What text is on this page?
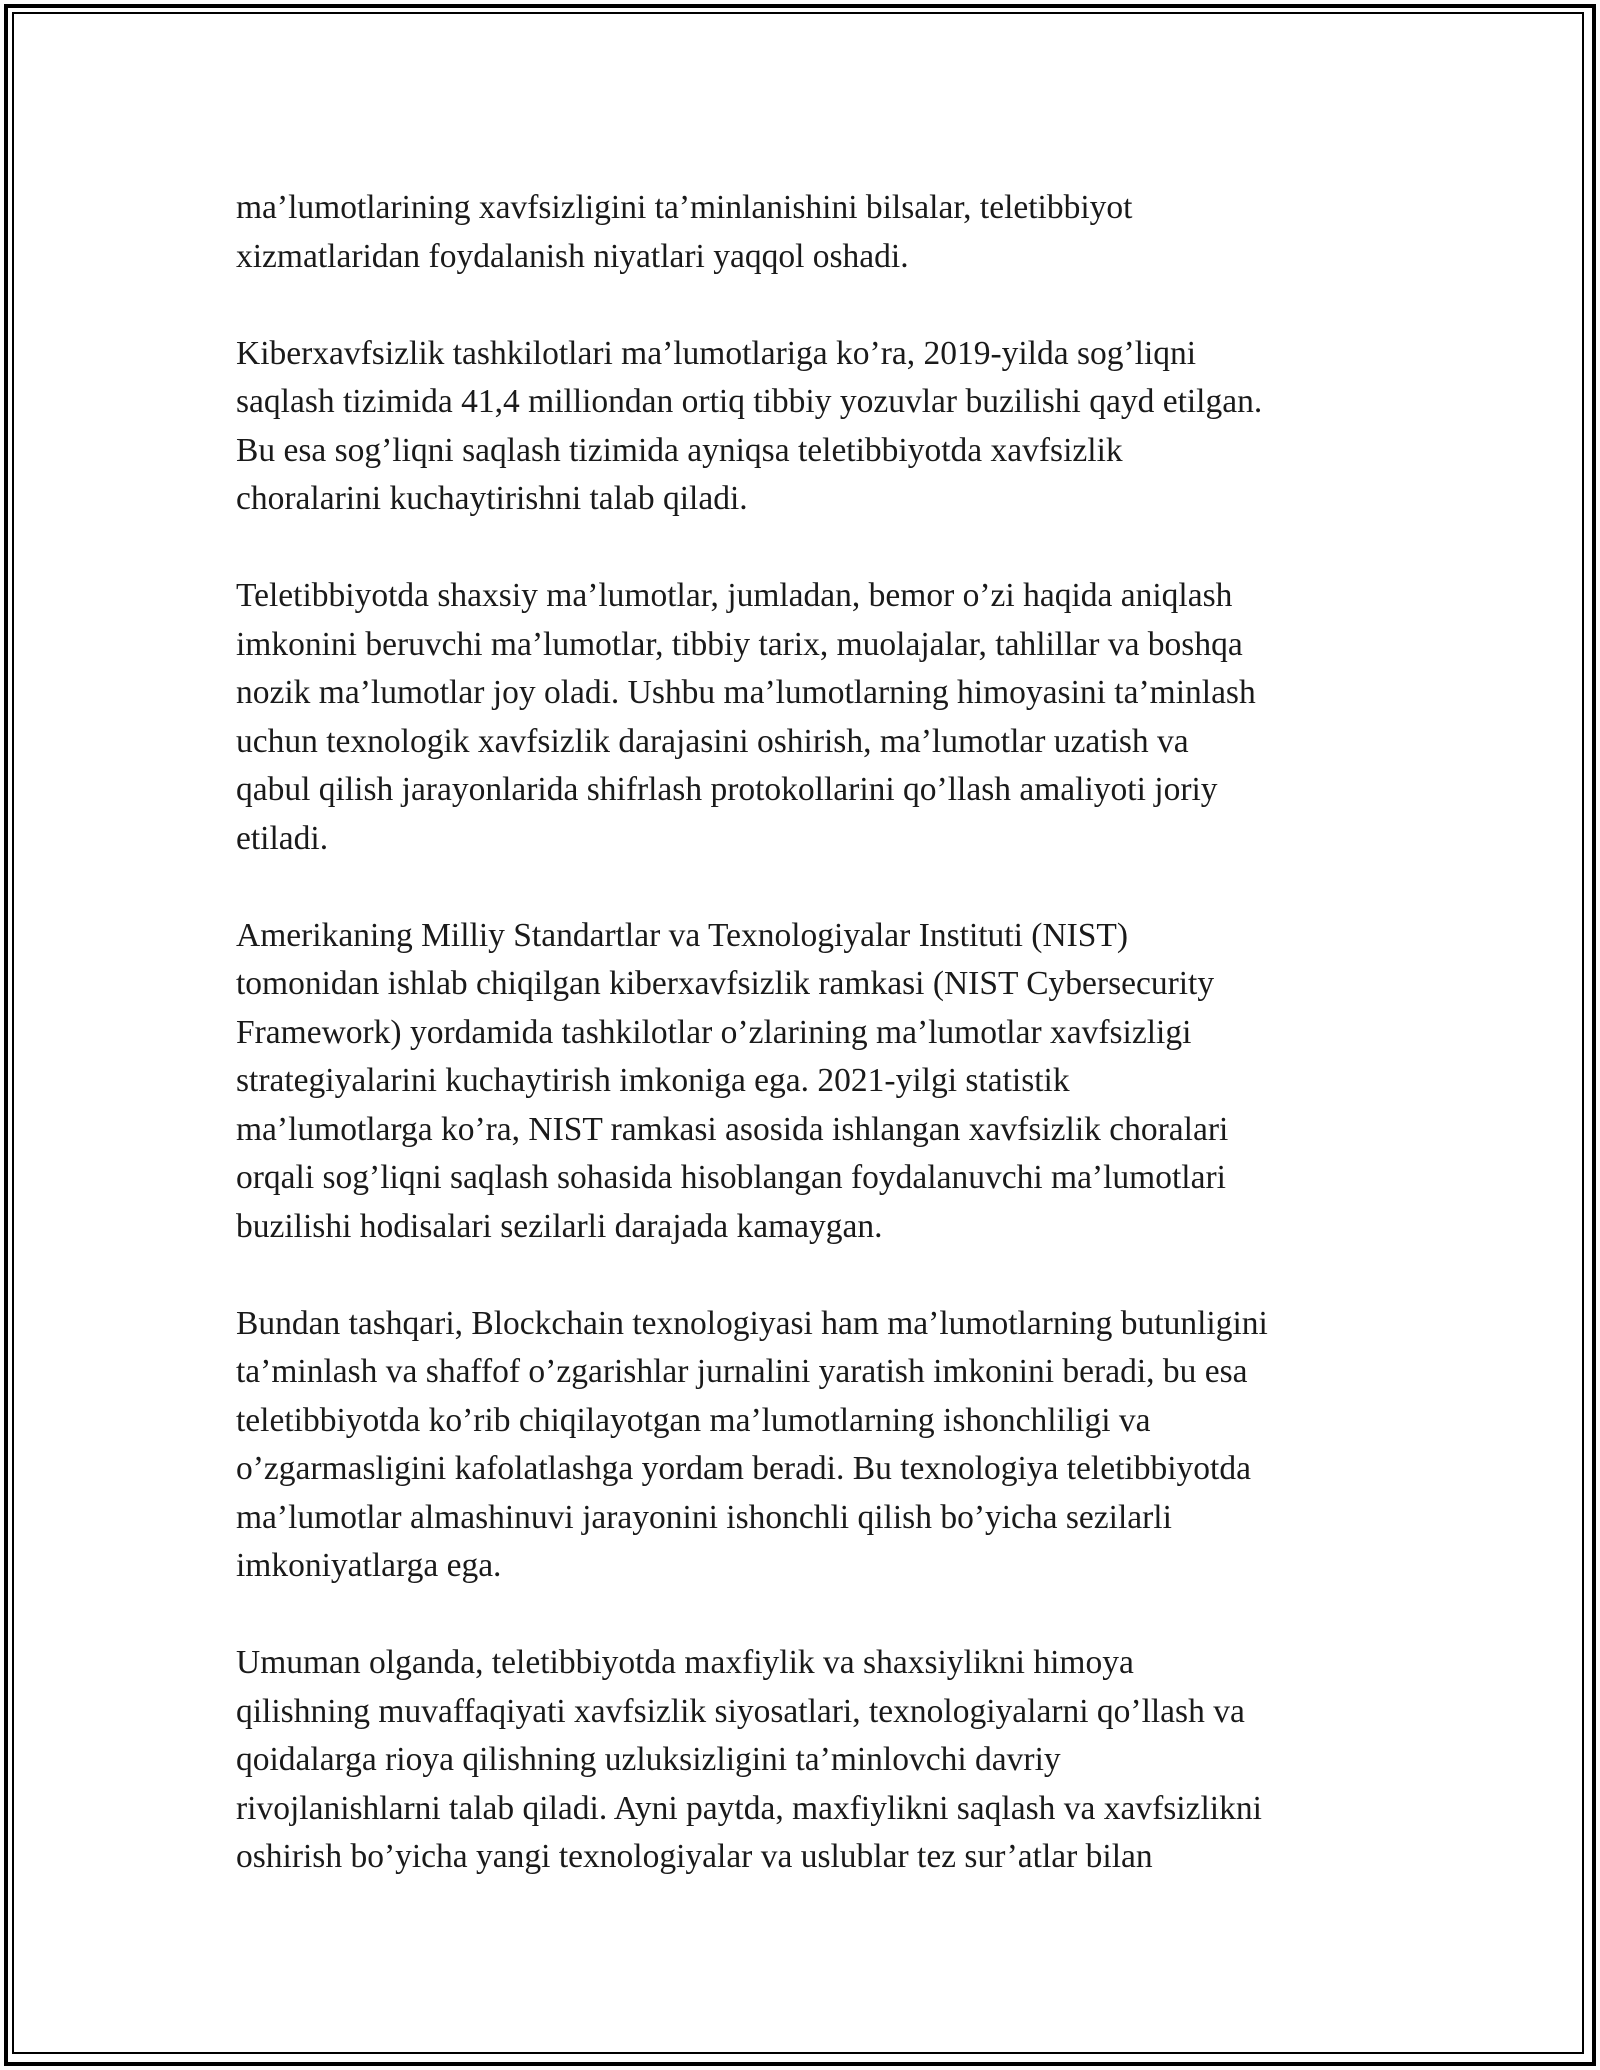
ma’lumotlarining xavfsizligini ta’minlanishini bilsalar, teletibbiyot
xizmatlaridan foydalanish niyatlari yaqqol oshadi.

Kiberxavfsizlik tashkilotlari ma’lumotlariga ko’ra, 2019-yilda sog’liqni
saqlash tizimida 41,4 milliondan ortiq tibbiy yozuvlar buzilishi qayd etilgan.
Bu esa sog’liqni saqlash tizimida ayniqsa teletibbiyotda xavfsizlik
choralarini kuchaytirishni talab qiladi.

Teletibbiyotda shaxsiy ma’lumotlar, jumladan, bemor o’zi haqida aniqlash
imkonini beruvchi ma’lumotlar, tibbiy tarix, muolajalar, tahlillar va boshqa
nozik ma’lumotlar joy oladi. Ushbu ma’lumotlarning himoyasini ta’minlash
uchun texnologik xavfsizlik darajasini oshirish, ma’lumotlar uzatish va
qabul qilish jarayonlarida shifrlash protokollarini qo’llash amaliyoti joriy
etiladi.

Amerikaning Milliy Standartlar va Texnologiyalar Instituti (NIST)
tomonidan ishlab chiqilgan kiberxavfsizlik ramkasi (NIST Cybersecurity
Framework) yordamida tashkilotlar o’zlarining ma’lumotlar xavfsizligi
strategiyalarini kuchaytirish imkoniga ega. 2021-yilgi statistik
ma’lumotlarga ko’ra, NIST ramkasi asosida ishlangan xavfsizlik choralari
orqali sog’liqni saqlash sohasida hisoblangan foydalanuvchi ma’lumotlari
buzilishi hodisalari sezilarli darajada kamaygan.

Bundan tashqari, Blockchain texnologiyasi ham ma’lumotlarning butunligini
ta’minlash va shaffof o’zgarishlar jurnalini yaratish imkonini beradi, bu esa
teletibbiyotda ko’rib chiqilayotgan ma’lumotlarning ishonchliligi va
o’zgarmasligini kafolatlashga yordam beradi. Bu texnologiya teletibbiyotda
ma’lumotlar almashinuvi jarayonini ishonchli qilish bo’yicha sezilarli
imkoniyatlarga ega.

Umuman olganda, teletibbiyotda maxfiylik va shaxsiylikni himoya
qilishning muvaffaqiyati xavfsizlik siyosatlari, texnologiyalarni qo’llash va
qoidalarga rioya qilishning uzluksizligini ta’minlovchi davriy
rivojlanishlarni talab qiladi. Ayni paytda, maxfiylikni saqlash va xavfsizlikni
oshirish bo’yicha yangi texnologiyalar va uslublar tez sur’atlar bilan
